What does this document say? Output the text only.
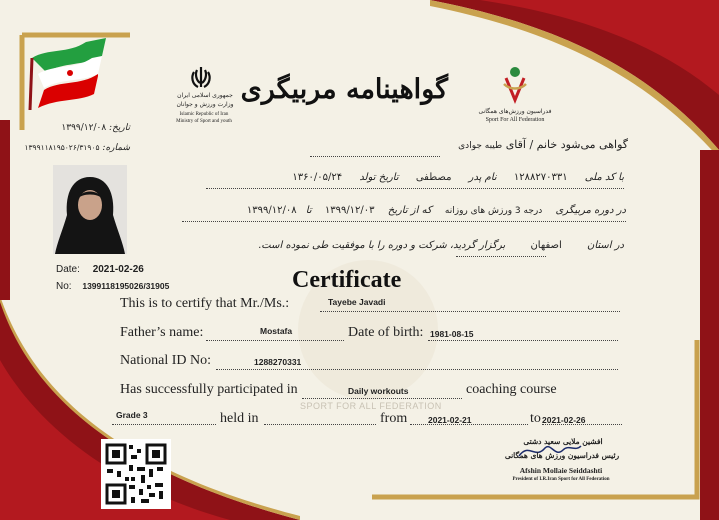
جمهوری اسلامی ایران
وزارت ورزش و جوانان
Islamic Republic of Iran
Ministry of Sport and youth
گواهینامه مربیگری
فدراسیون ورزش‌های همگانی
Sport For All Federation
تاریخ: ۱۳۹۹/۱۲/۰۸
شماره: ۱۳۹۹۱۱۸۱۹۵۰۲۶/۳۱۹۰۵	گواهی می‌شود خانم / آقای طیبه جوادی
با کد ملی ۱۲۸۸۲۷۰۳۳۱ نام پدر مصطفی تاریخ تولد ۱۳۶۰/۰۵/۲۴
در دوره مربیگری درجه 3 ورزش های روزانه که از تاریخ ۱۳۹۹/۱۲/۰۳ تا ۱۳۹۹/۱۲/۰۸
در استان اصفهان برگزار گردید، شرکت و دوره را با موفقیت طی نموده است.
Date: 2021-02-26
No: 1399118195026/31905	Certificate
This is to certify that Mr./Ms.:	Tayebe Javadi
Father’s name:	Mostafa	Date of birth: 1981-08-15
National ID No:	1288270331
Has successfully participated in	Daily workouts	coaching course
SPORT FOR ALL FEDERATION
Grade 3	held in	from 2021-02-21	to 2021-02-26
افشین ملایی سعید دشتی
رئیس فدراسیون ورزش های همگانی
Afshin Mollaie Seiddashti
President of I.R.Iran Sport for All Federation
